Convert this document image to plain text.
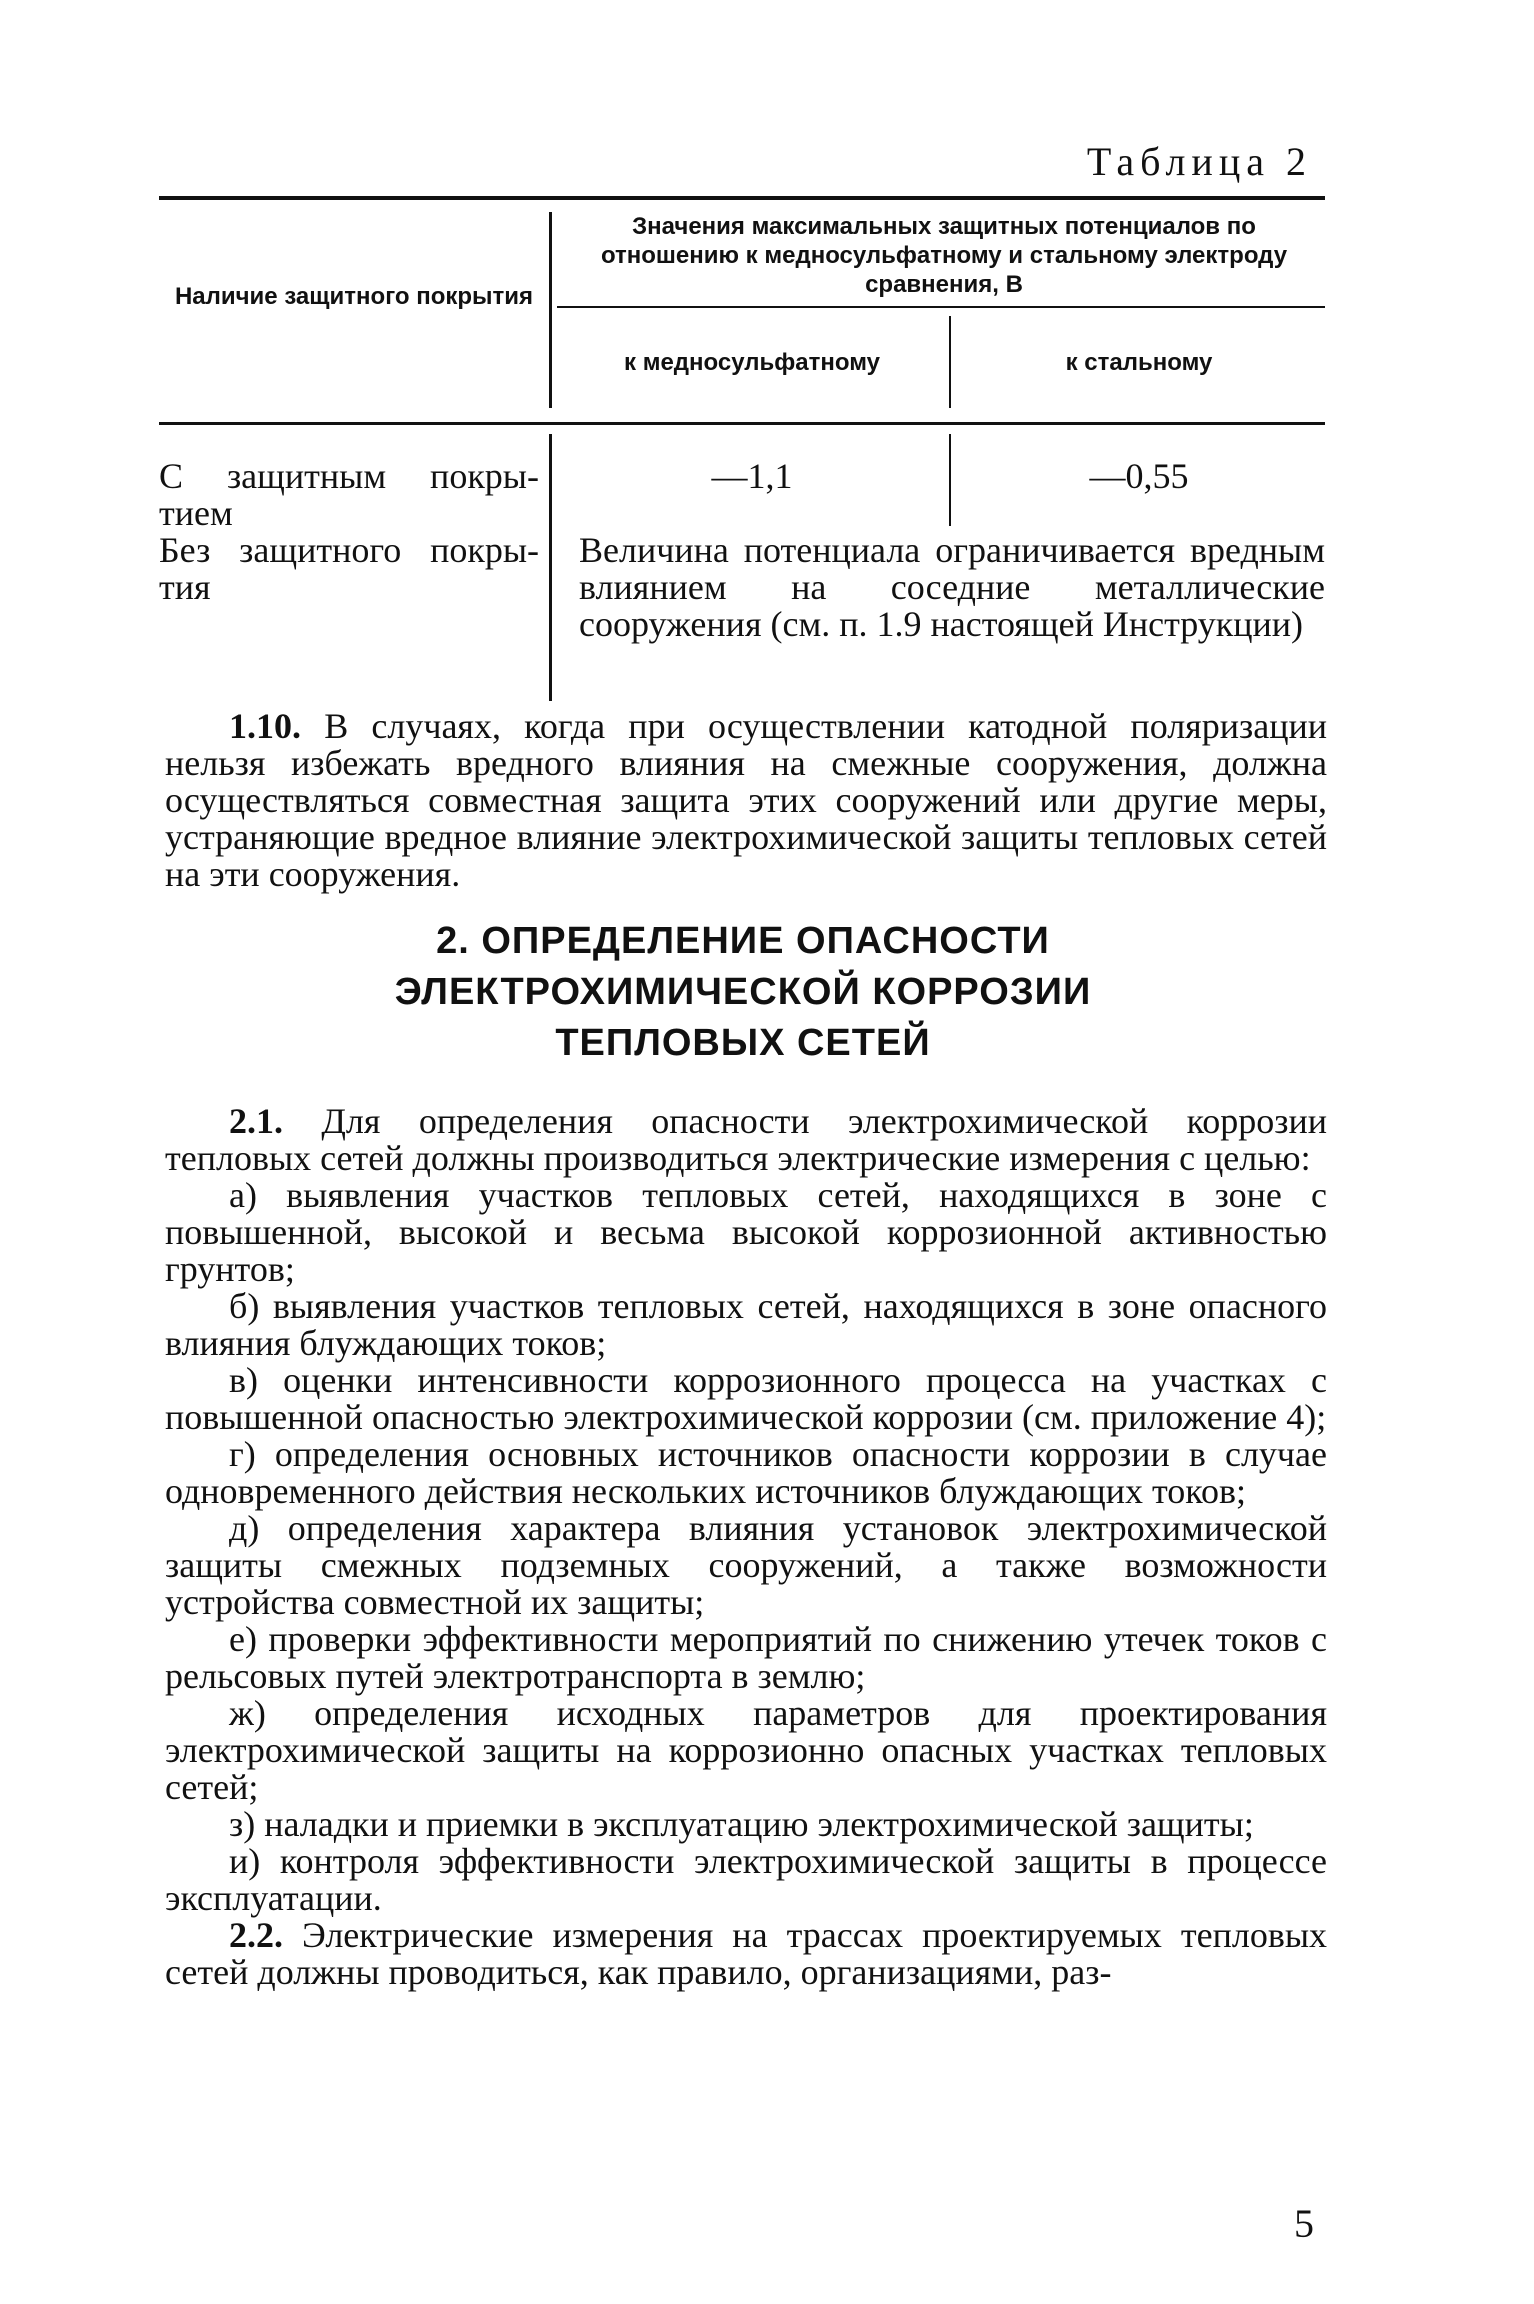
Таблица 2

Наличие защитного покрытия
Значения максимальных защитных потенциалов по отношению к медносульфатному и стальному электроду сравнения, В
к медносульфатному	к стальному
С защитным покры-тием
—1,1	—0,55
Без защитного покры-тия
Величина потенциала ограничивается вредным влиянием на соседние металлические сооружения (см. п. 1.9 настоящей Инструкции)

1.10. В случаях, когда при осуществлении катодной поляризации нельзя избежать вредного влияния на смежные сооружения, должна осуществляться совместная защита этих сооружений или другие меры, устраняющие вредное влияние электрохимической защиты тепловых сетей на эти сооружения.

2. ОПРЕДЕЛЕНИЕ ОПАСНОСТИ
ЭЛЕКТРОХИМИЧЕСКОЙ КОРРОЗИИ
ТЕПЛОВЫХ СЕТЕЙ

2.1. Для определения опасности электрохимической коррозии тепловых сетей должны производиться электрические измерения с целью:

а) выявления участков тепловых сетей, находящихся в зоне с повышенной, высокой и весьма высокой коррозионной активностью грунтов;

б) выявления участков тепловых сетей, находящихся в зоне опасного влияния блуждающих токов;

в) оценки интенсивности коррозионного процесса на участках с повышенной опасностью электрохимической коррозии (см. приложение 4);

г) определения основных источников опасности коррозии в случае одновременного действия нескольких источников блуждающих токов;

д) определения характера влияния установок электрохимической защиты смежных подземных сооружений, а также возможности устройства совместной их защиты;

е) проверки эффективности мероприятий по снижению утечек токов с рельсовых путей электротранспорта в землю;

ж) определения исходных параметров для проектирования электрохимической защиты на коррозионно опасных участках тепловых сетей;

з) наладки и приемки в эксплуатацию электрохимической защиты;

и) контроля эффективности электрохимической защиты в процессе эксплуатации.

2.2. Электрические измерения на трассах проектируемых тепловых сетей должны проводиться, как правило, организациями, раз-

5
